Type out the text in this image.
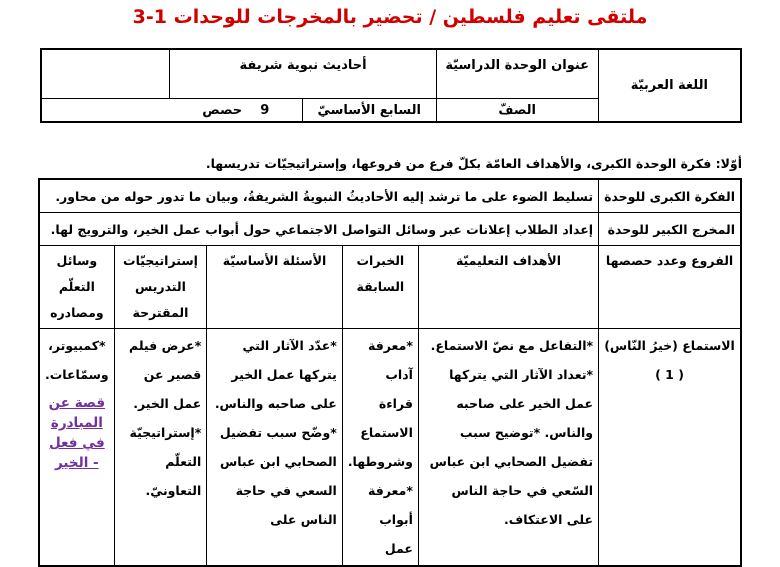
ملتقى تعليم فلسطين / تحضير بالمخرجات للوحدات 1-3
اللغة العربيّة	عنوان الوحدة الدراسيّة	أحاديث نبوية شريفة		
	الصفّ	السابع الأساسيّ	9    حصص	
أوّلا: فكرة الوحدة الكبرى، والأهداف العامّة بكلّ فرع من فروعها، وإستراتيجيّات تدريسها.
الفكرة الكبرى للوحدة	تسليط الضوء على ما ترشد إليه الأحاديثُ النبويةُ الشريفةُ، وبيان ما تدور حوله من محاور.				
المخرج الكبير للوحدة	إعداد الطلاب إعلانات عبر وسائل التواصل الاجتماعي حول أبواب عمل الخير، والترويج لها.				
الفروع وعدد حصصها	الأهداف التعليميّة	الخبرات السابقة	الأسئلة الأساسيّة	إستراتيجيّات التدريس المقترحة	وسائل التعلّم ومصادره
الاستماع (خيرُ النّاس) ( 1 )	*التفاعل مع نصّ الاستماع. *تعداد الآثار التي يتركها عمل الخير على صاحبه والناس. *توضيح سبب تفضيل الصحابي ابن عباس السّعي في حاجة الناس على الاعتكاف.	*معرفة آداب قراءة الاستماع وشروطها. *معرفة أبواب عمل	*عدّد الآثار التي يتركها عمل الخير على صاحبه والناس. *وضّح سبب تفضيل الصحابي ابن عباس السعي في حاجة الناس على	*عرض فيلم قصير عن عمل الخير. *إستراتيجيّة التعلّم التعاونيّ.	*كمبيوتر، وسمّاعات.
قصة عن المبادرة في فعل - الخير
